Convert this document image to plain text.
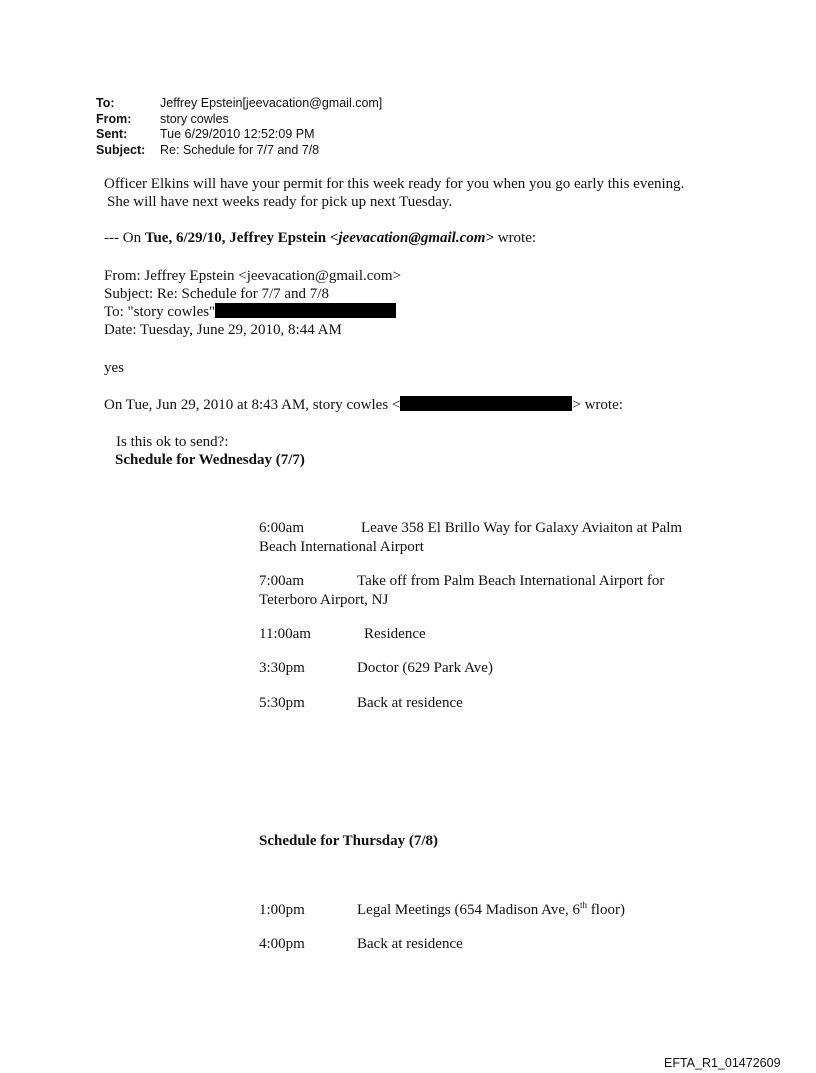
To:	Jeffrey Epstein[jeevacation@gmail.com]
From:	story cowles
Sent:	Tue 6/29/2010 12:52:09 PM
Subject:	Re: Schedule for 7/7 and 7/8
Officer Elkins will have your permit for this week ready for you when you go early this evening.
She will have next weeks ready for pick up next Tuesday.
--- On Tue, 6/29/10, Jeffrey Epstein <jeevacation@gmail.com> wrote:
From: Jeffrey Epstein <jeevacation@gmail.com>
Subject: Re: Schedule for 7/7 and 7/8
To: "story cowles"
Date: Tuesday, June 29, 2010, 8:44 AM
yes
On Tue, Jun 29, 2010 at 8:43 AM, story cowles <	> wrote:
Is this ok to send?:
Schedule for Wednesday (7/7)
6:00am	Leave 358 El Brillo Way for Galaxy Aviaiton at Palm
Beach International Airport
7:00am	Take off from Palm Beach International Airport for
Teterboro Airport, NJ
11:00am	Residence
3:30pm	Doctor (629 Park Ave)
5:30pm	Back at residence
Schedule for Thursday (7/8)
1:00pm	Legal Meetings (654 Madison Ave, 6th floor)
4:00pm	Back at residence
EFTA_R1_01472609
